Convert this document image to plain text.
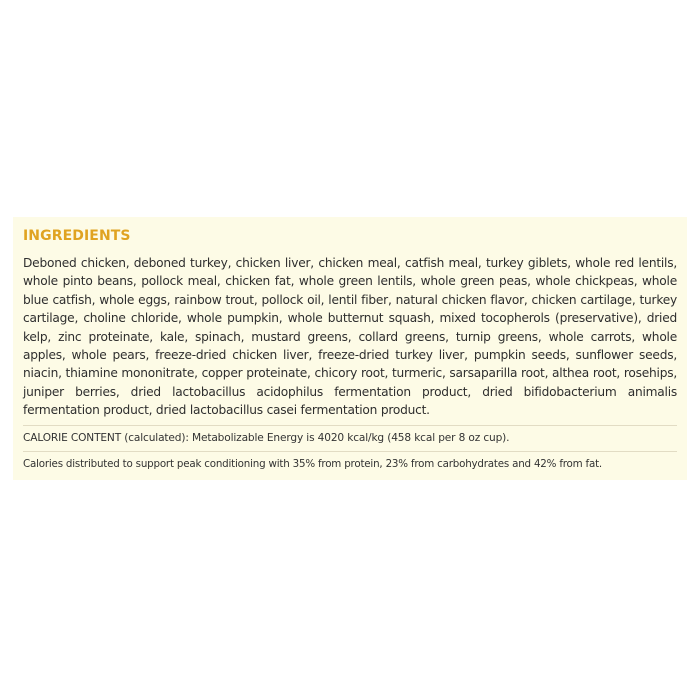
INGREDIENTS

Deboned chicken, deboned turkey, chicken liver, chicken meal, catfish meal, turkey giblets, whole red lentils, whole pinto beans, pollock meal, chicken fat, whole green lentils, whole green peas, whole chickpeas, whole blue catfish, whole eggs, rainbow trout, pollock oil, lentil fiber, natural chicken flavor, chicken cartilage, turkey cartilage, choline chloride, whole pumpkin, whole butternut squash, mixed tocopherols (preservative), dried kelp, zinc proteinate, kale, spinach, mustard greens, collard greens, turnip greens, whole carrots, whole apples, whole pears, freeze-dried chicken liver, freeze-dried turkey liver, pumpkin seeds, sunflower seeds, niacin, thiamine mononitrate, copper proteinate, chicory root, turmeric, sarsaparilla root, althea root, rosehips, juniper berries, dried lactobacillus acidophilus fermentation product, dried bifidobacterium animalis fermentation product, dried lactobacillus casei fermentation product.

CALORIE CONTENT (calculated): Metabolizable Energy is 4020 kcal/kg (458 kcal per 8 oz cup).
Calories distributed to support peak conditioning with 35% from protein, 23% from carbohydrates and 42% from fat.
